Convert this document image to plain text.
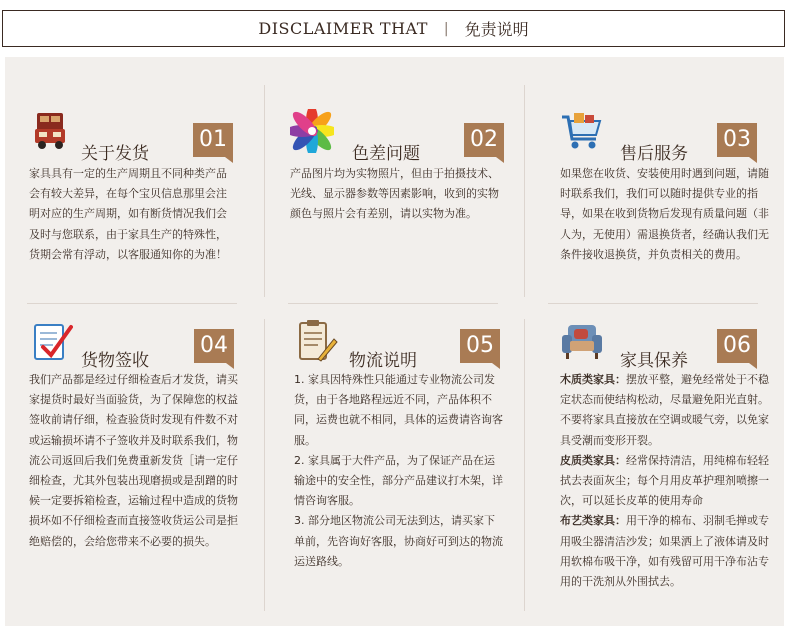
DISCLAIMER THAT | 免责说明
关于发货
01
家具具有一定的生产周期且不同种类产品会有较大差异，在每个宝贝信息那里会注明对应的生产周期，如有断货情况我们会及时与您联系，由于家具生产的特殊性，货期会常有浮动，以客服通知你的为准！
色差问题
02
产品图片均为实物照片，但由于拍摄技术、光线、显示器参数等因素影响，收到的实物颜色与照片会有差别，请以实物为准。
售后服务
03
如果您在收货、安装使用时遇到问题，请随时联系我们，我们可以随时提供专业的指导，如果在收到货物后发现有质量问题（非人为，无使用）需退换货者，经确认我们无条件接收退换货，并负责相关的费用。
货物签收
04
我们产品都是经过仔细检查后才发货，请买家提货时最好当面验货，为了保障您的权益签收前请仔细，检查验货时发现有件数不对或运输损坏请不子签收并及时联系我们，物流公司返回后我们免费重新发货［请一定仔细检查，尤其外包装出现磨损或是刮蹭的时候一定要拆箱检查，运输过程中造成的货物损坏如不仔细检查而直接签收货运公司是拒绝赔偿的，会给您带来不必要的损失。
物流说明
05

1. 家具因特殊性只能通过专业物流公司发货，由于各地路程远近不同，产品体积不同，运费也就不相同，具体的运费请咨询客服。

2. 家具属于大件产品，为了保证产品在运输途中的安全性，部分产品建议打木架，详情咨询客服。

3. 部分地区物流公司无法到达，请买家下单前，先咨询好客服，协商好可到达的物流运送路线。

家具保养
06

木质类家具：摆放平整，避免经常处于不稳定状态而使结构松动，尽量避免阳光直射。不要将家具直接放在空调或暖气旁，以免家具受潮而变形开裂。

皮质类家具：经常保持清洁，用纯棉布轻轻拭去表面灰尘；每个月用皮革护理剂喷擦一次，可以延长皮革的使用寿命

布艺类家具：用干净的棉布、羽制毛掸或专用吸尘器清洁沙发；如果洒上了液体请及时用软棉布吸干净，如有残留可用干净布沾专用的干洗剂从外围拭去。
